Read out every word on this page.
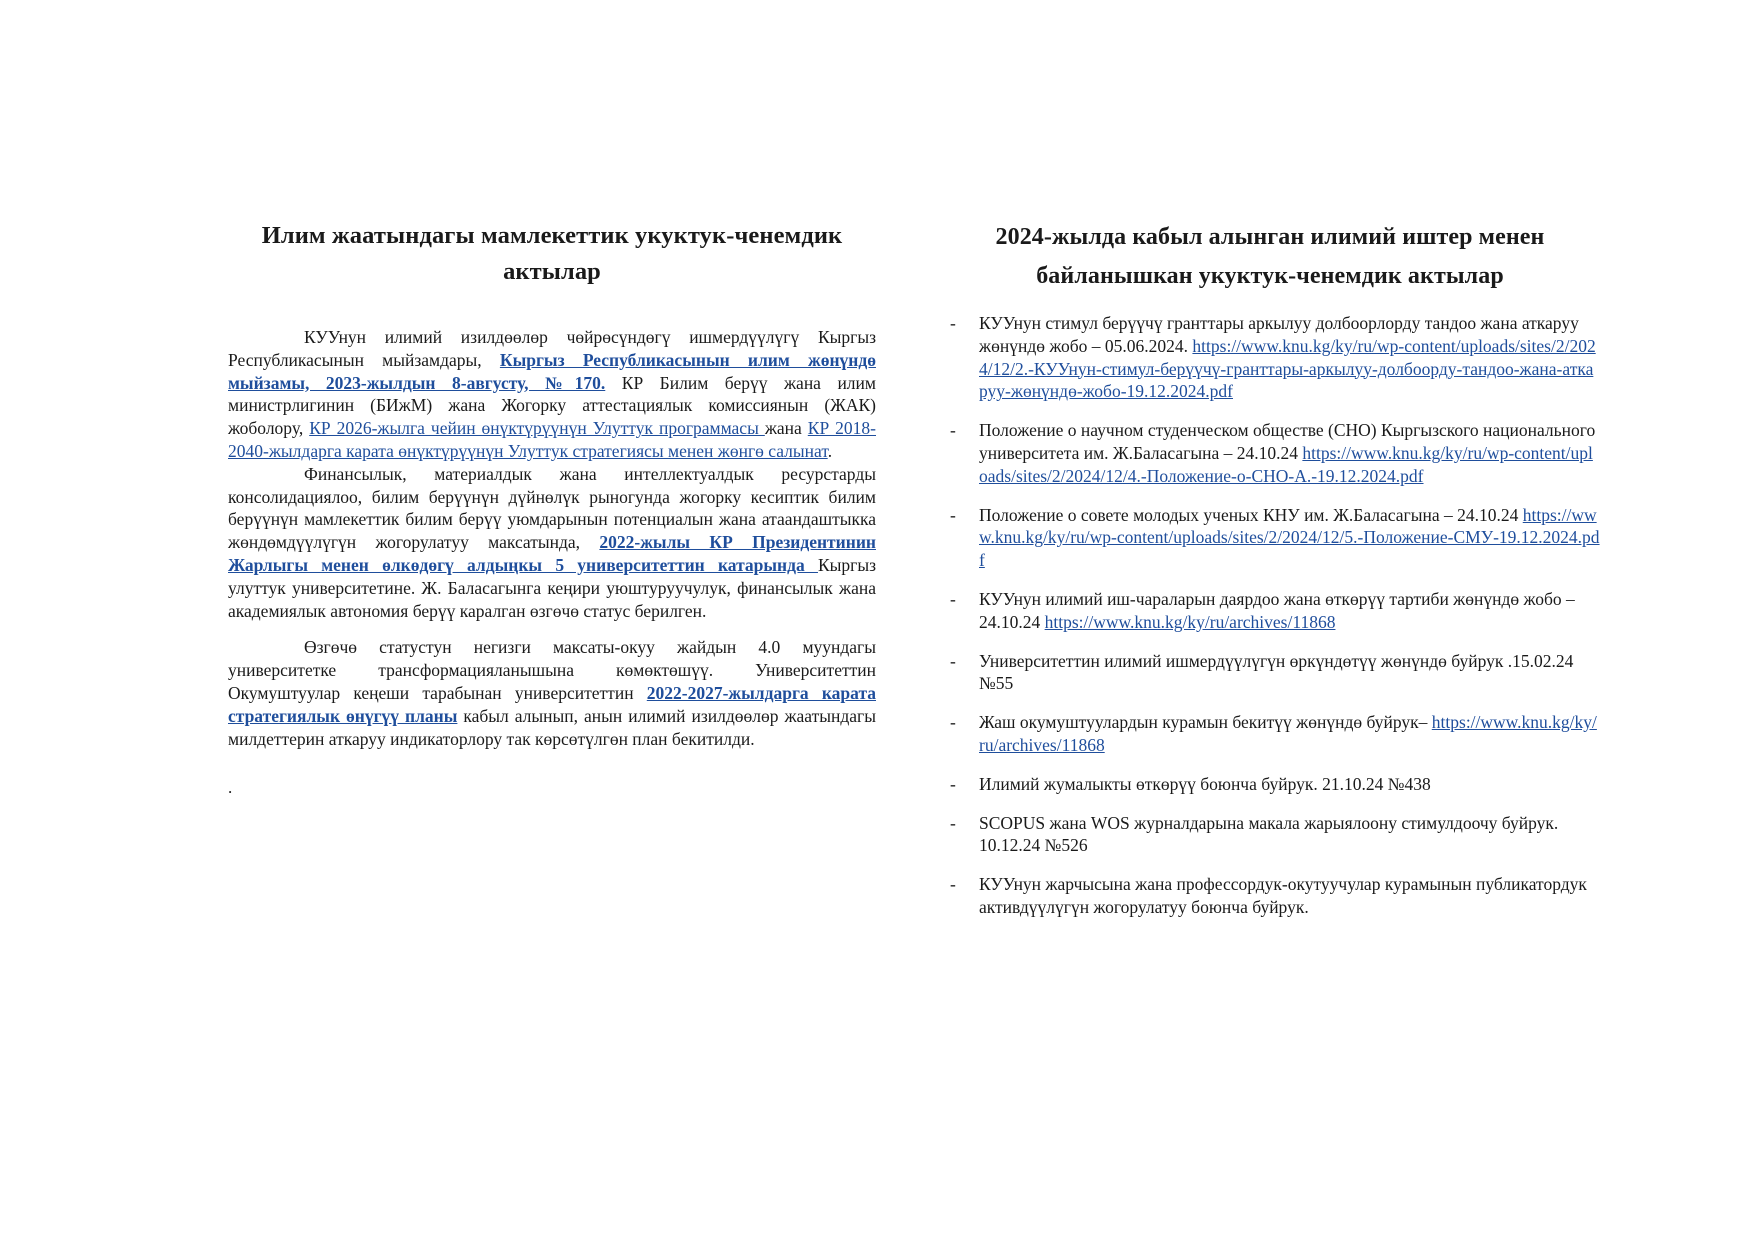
Илим жаатындагы мамлекеттик укуктук-ченемдик актылар

КУУнун илимий изилдөөлөр чөйрөсүндөгү ишмердүүлүгү Кыргыз Республикасынын мыйзамдары, Кыргыз Республикасынын илим жөнүндө мыйзамы, 2023-жылдын 8-августу, №170. КР Билим берүү жана илим министрлигинин (БИжМ) жана Жогорку аттестациялык комиссиянын (ЖАК) жоболору, КР 2026-жылга чейин өнүктүрүүнүн Улуттук программасы жана КР 2018-2040-жылдарга карата өнүктүрүүнүн Улуттук стратегиясы менен жөнгө салынат.

Финансылык, материалдык жана интеллектуалдык ресурстарды консолидациялоо, билим берүүнүн дүйнөлүк рыногунда жогорку кесиптик билим берүүнүн мамлекеттик билим берүү уюмдарынын потенциалын жана атаандаштыкка жөндөмдүүлүгүн жогорулатуу максатында, 2022-жылы КР Президентинин Жарлыгы менен өлкөдөгү алдыңкы 5 университеттин катарында Кыргыз улуттук университетине. Ж. Баласагынга кеңири уюштуруучулук, финансылык жана академиялык автономия берүү каралган өзгөчө статус берилген.

Өзгөчө статустун негизги максаты-окуу жайдын 4.0 муундагы университетке трансформацияланышына көмөктөшүү. Университеттин Окумуштуулар кеңеши тарабынан университеттин 2022-2027-жылдарга карата стратегиялык өнүгүү планы кабыл алынып, анын илимий изилдөөлөр жаатындагы милдеттерин аткаруу индикаторлору так көрсөтүлгөн план бекитилди.

.
2024-жылда кабыл алынган илимий иштер менен байланышкан укуктук-ченемдик актылар
- КУУнун стимул берүүчү гранттары аркылуу долбоорлорду тандоо жана аткаруу жөнүндө жобо – 05.06.2024. https://www.knu.kg/ky/ru/wp-content/uploads/sites/2/2024/12/2.-КУУнун-стимул-берүүчү-гранттары-аркылуу-долбоорду-тандоо-жана-аткаруу-жөнүндө-жобо-19.12.2024.pdf
- Положение о научном студенческом обществе (СНО) Кыргызского национального университета им. Ж.Баласагына – 24.10.24 https://www.knu.kg/ky/ru/wp-content/uploads/sites/2/2024/12/4.-Положение-о-СНО-А.-19.12.2024.pdf
- Положение о совете молодых ученых КНУ им. Ж.Баласагына – 24.10.24 https://www.knu.kg/ky/ru/wp-content/uploads/sites/2/2024/12/5.-Положение-СМУ-19.12.2024.pdf
- КУУнун илимий иш-чараларын даярдоо жана өткөрүү тартиби жөнүндө жобо – 24.10.24 https://www.knu.kg/ky/ru/archives/11868
- Университеттин илимий ишмердүүлүгүн өркүндөтүү жөнүндө буйрук .15.02.24 №55
- Жаш окумуштуулардын курамын бекитүү жөнүндө буйрук– https://www.knu.kg/ky/ru/archives/11868
- Илимий жумалыкты өткөрүү боюнча буйрук. 21.10.24 №438
- SCOPUS жана WOS журналдарына макала жарыялоону стимулдоочу буйрук. 10.12.24 №526
- КУУнун жарчысына жана профессордук-окутуучулар курамынын публикатордук активдүүлүгүн жогорулатуу боюнча буйрук.
